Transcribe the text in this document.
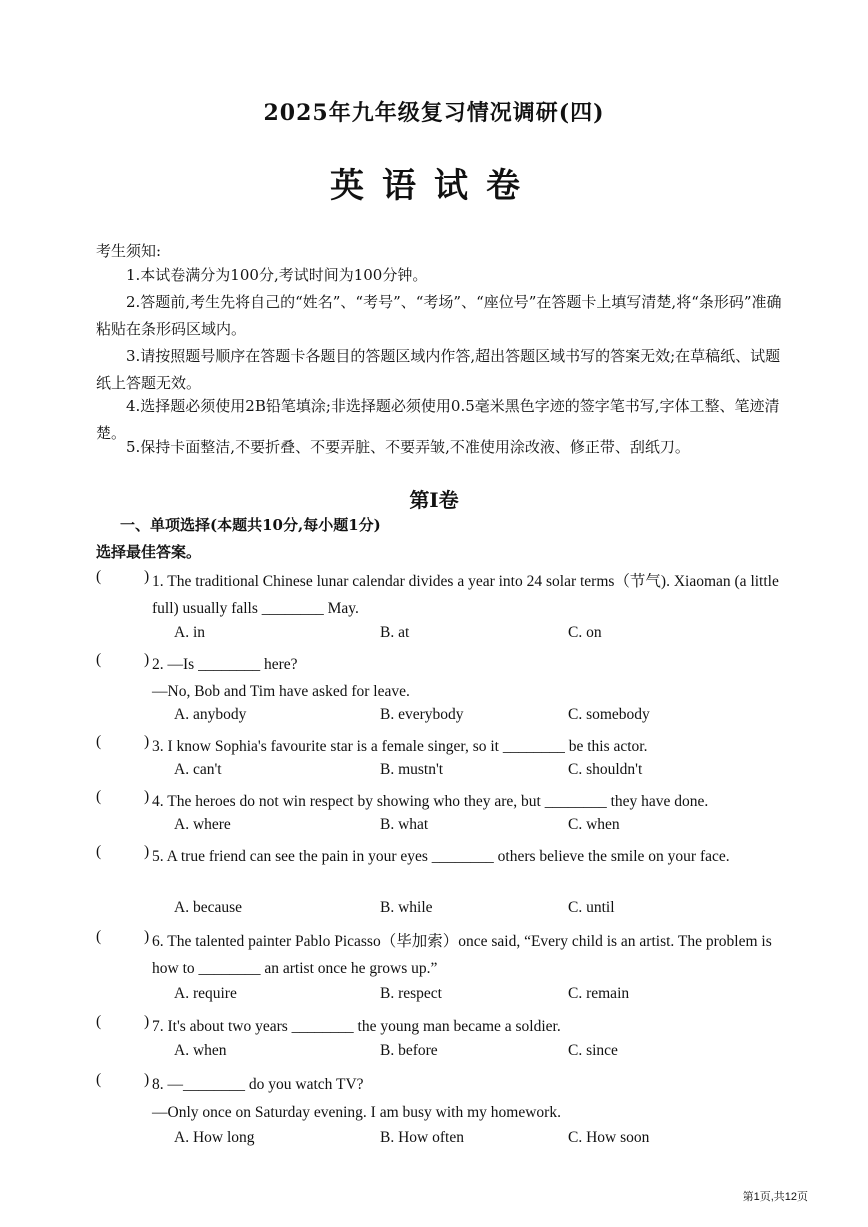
2025年九年级复习情况调研(四)
英语试卷
考生须知:
1.本试卷满分为100分,考试时间为100分钟。
2.答题前,考生先将自己的“姓名”、“考号”、“考场”、“座位号”在答题卡上填写清楚,将“条形码”准确粘贴在条形码区域内。
3.请按照题号顺序在答题卡各题目的答题区域内作答,超出答题区域书写的答案无效;在草稿纸、试题纸上答题无效。
4.选择题必须使用2B铅笔填涂;非选择题必须使用0.5毫米黑色字迹的签字笔书写,字体工整、笔迹清楚。
5.保持卡面整洁,不要折叠、不要弄脏、不要弄皱,不准使用涂改液、修正带、刮纸刀。
第Ⅰ卷
一、单项选择(本题共10分,每小题1分)
选择最佳答案。
(	) 1. The traditional Chinese lunar calendar divides a year into 24 solar terms（节气). Xiaoman (a little full) usually falls ________ May.
A. in	B. at	C. on
(	) 2. —Is ________ here?
—No, Bob and Tim have asked for leave.
A. anybody	B. everybody	C. somebody
(	) 3. I know Sophia's favourite star is a female singer, so it ________ be this actor.
A. can't	B. mustn't	C. shouldn't
(	) 4. The heroes do not win respect by showing who they are, but ________ they have done.
A. where	B. what	C. when
(	) 5. A true friend can see the pain in your eyes ________ others believe the smile on your face.
A. because	B. while	C. until
(	) 6. The talented painter Pablo Picasso（毕加索）once said, “Every child is an artist. The problem is how to ________ an artist once he grows up.”
A. require	B. respect	C. remain
(	) 7. It's about two years ________ the young man became a soldier.
A. when	B. before	C. since
(	) 8. —________ do you watch TV?
—Only once on Saturday evening. I am busy with my homework.
A. How long	B. How often	C. How soon
第1页,共12页
